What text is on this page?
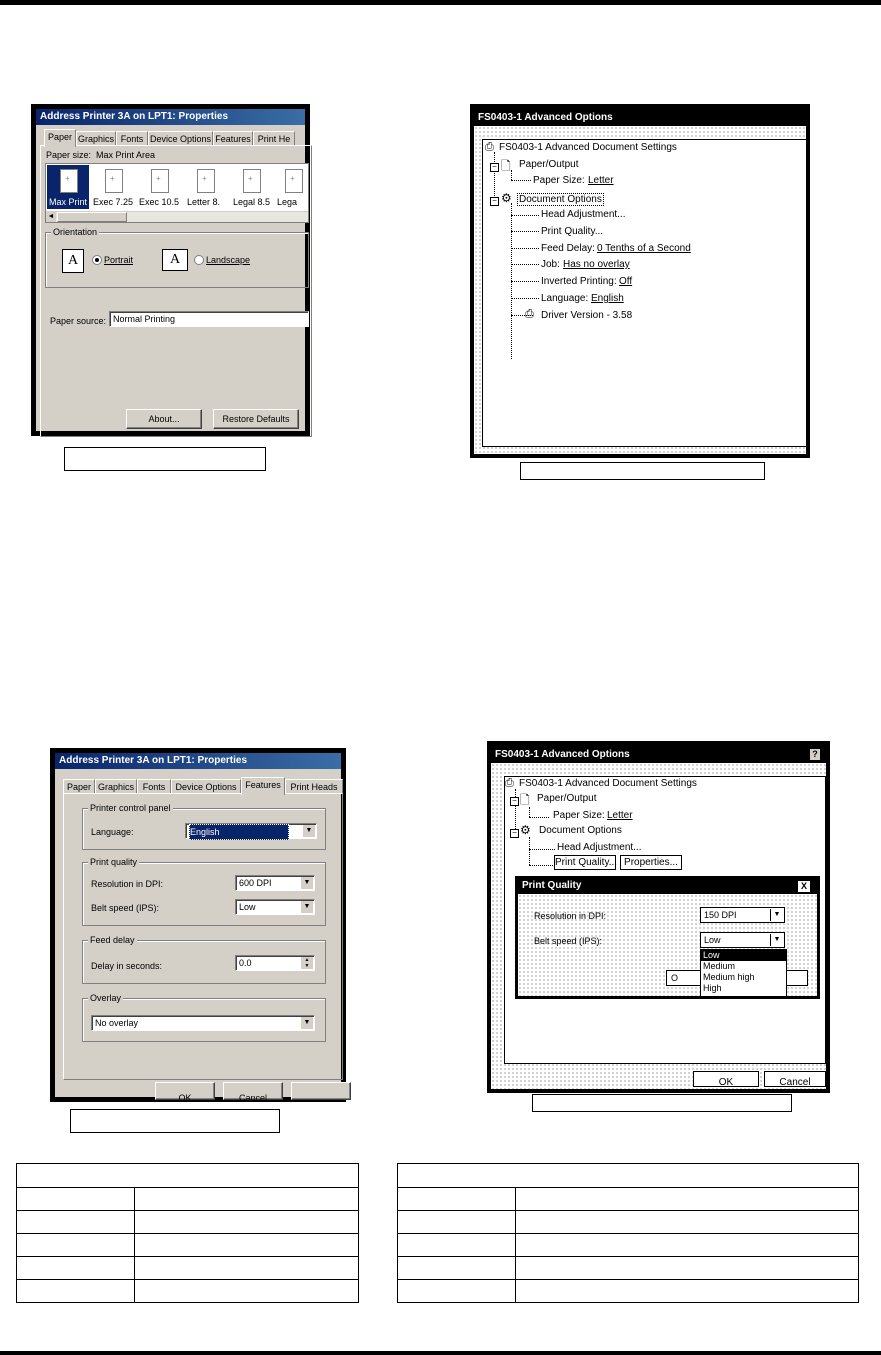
Address Printer 3A on LPT1: Properties
Paper Graphics Fonts Device Options Features Print He
Paper size: Max Print Area
+
Max Print
+ Exec 7.25
+ Exec 10.5
+ Letter 8.
+ Legal 8.5
+ Lega
◄
Orientation
A	Portrait	A	Landscape
Paper source: Normal Printing
About...	Restore Defaults
FS0403-1 Advanced Options
⎙ FS0403-1 Advanced Document Settings
− 🗋 Paper/Output
Paper Size: Letter
− ⚙ Document Options
Head Adjustment...
Print Quality...
Feed Delay: 0 Tenths of a Second
Job: Has no overlay
Inverted Printing: Off
Language: English
⎙ Driver Version - 3.58
Address Printer 3A on LPT1: Properties
Paper Graphics Fonts	Device Options Features	Print Heads
Printer control panel
Language:	English	▼
Print quality
Resolution in DPI:	600 DPI	▼
Belt speed (IPS):	Low	▼
Feed delay
Delay in seconds:	0.0	▲
▼
Overlay
No overlay	▼
OK	Cancel
FS0403-1 Advanced Options	?
⎙ FS0403-1 Advanced Document Settings
− 🗋 Paper/Output
Paper Size: Letter
− ⚙ Document Options
Head Adjustment...
Print Quality... Properties...
Print Quality	X
Resolution in DPI:	150 DPI	▼
Belt speed (IPS):	Low	▼
O
Low
Medium
Medium high
High
OK	Cancel
